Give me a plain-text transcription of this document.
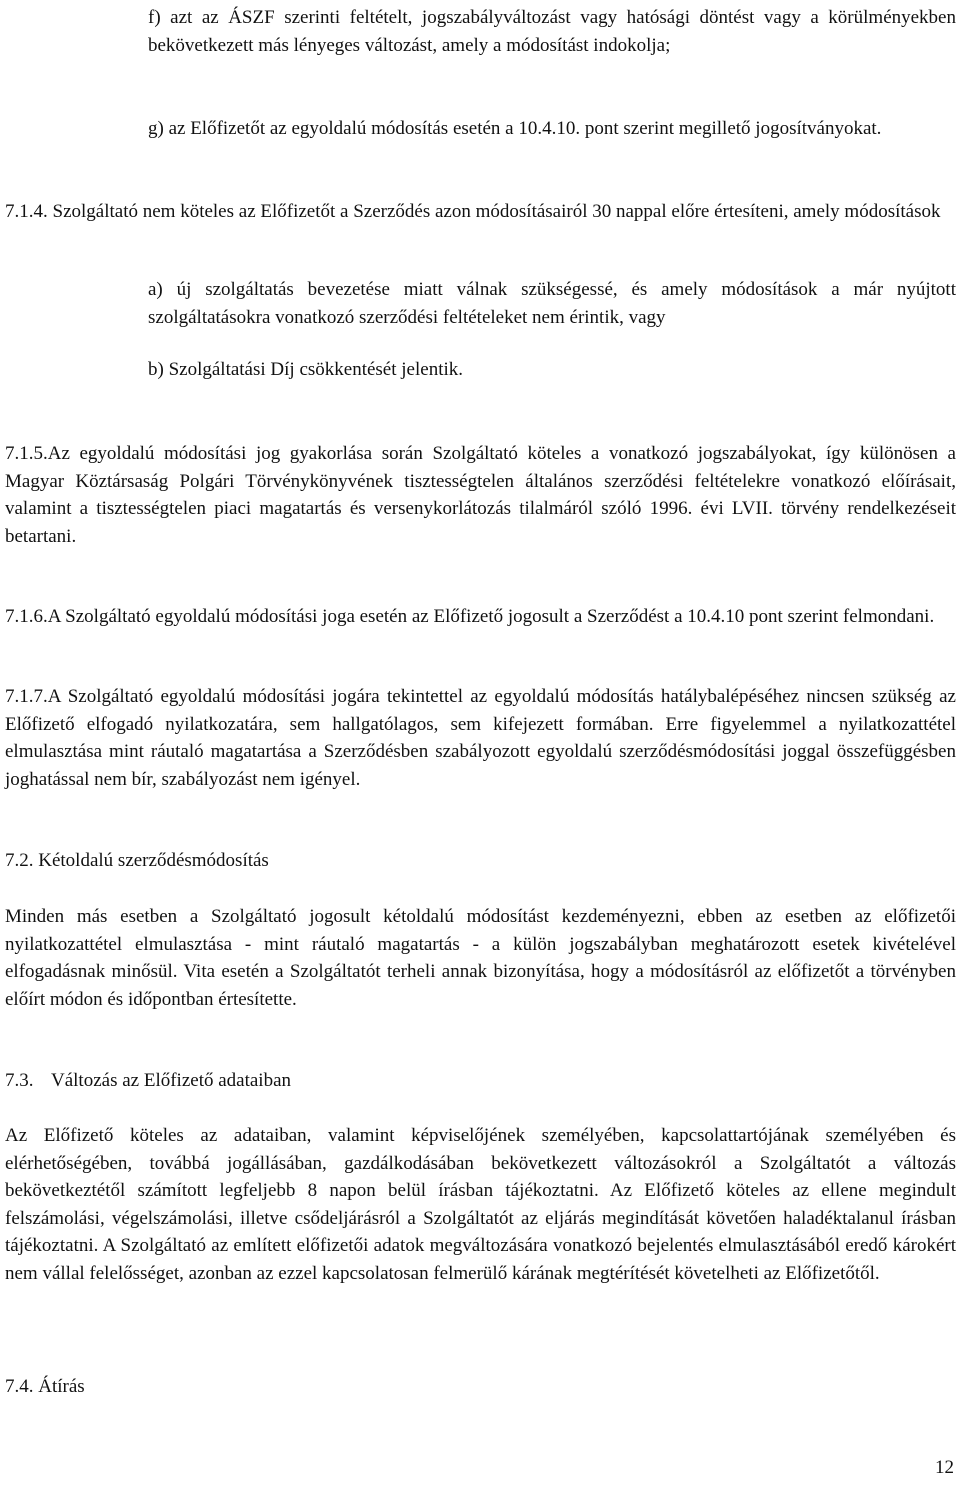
f) azt az ÁSZF szerinti feltételt, jogszabályváltozást vagy hatósági döntést vagy a körülményekben bekövetkezett más lényeges változást, amely a módosítást indokolja;
g) az Előfizetőt az egyoldalú módosítás esetén a 10.4.10. pont szerint megillető jogosítványokat.
7.1.4. Szolgáltató nem köteles az Előfizetőt a Szerződés azon módosításairól 30 nappal előre értesíteni, amely módosítások
a) új szolgáltatás bevezetése miatt válnak szükségessé, és amely módosítások a már nyújtott szolgáltatásokra vonatkozó szerződési feltételeket nem érintik, vagy
b) Szolgáltatási Díj csökkentését jelentik.
7.1.5.Az egyoldalú módosítási jog gyakorlása során Szolgáltató köteles a vonatkozó jogszabályokat, így különösen a Magyar Köztársaság Polgári Törvénykönyvének tisztességtelen általános szerződési feltételekre vonatkozó előírásait, valamint a tisztességtelen piaci magatartás és versenykorlátozás tilalmáról szóló 1996. évi LVII. törvény rendelkezéseit betartani.
7.1.6.A Szolgáltató egyoldalú módosítási joga esetén az Előfizető jogosult a Szerződést a 10.4.10 pont szerint felmondani.
7.1.7.A Szolgáltató egyoldalú módosítási jogára tekintettel az egyoldalú módosítás hatálybalépéséhez nincsen szükség az Előfizető elfogadó nyilatkozatára, sem hallgatólagos, sem kifejezett formában. Erre figyelemmel a nyilatkozattétel elmulasztása mint ráutaló magatartása a Szerződésben szabályozott egyoldalú szerződésmódosítási joggal összefüggésben joghatással nem bír, szabályozást nem igényel.
7.2. Kétoldalú szerződésmódosítás
Minden más esetben a Szolgáltató jogosult kétoldalú módosítást kezdeményezni, ebben az esetben az előfizetői nyilatkozattétel elmulasztása - mint ráutaló magatartás - a külön jogszabályban meghatározott esetek kivételével elfogadásnak minősül. Vita esetén a Szolgáltatót terheli annak bizonyítása, hogy a módosításról az előfizetőt a törvényben előírt módon és időpontban értesítette.
7.3. Változás az Előfizető adataiban
Az Előfizető köteles az adataiban, valamint képviselőjének személyében, kapcsolattartójának személyében és elérhetőségében, továbbá jogállásában, gazdálkodásában bekövetkezett változásokról a Szolgáltatót a változás bekövetkeztétől számított legfeljebb 8 napon belül írásban tájékoztatni. Az Előfizető köteles az ellene megindult felszámolási, végelszámolási, illetve csődeljárásról a Szolgáltatót az eljárás megindítását követően haladéktalanul írásban tájékoztatni. A Szolgáltató az említett előfizetői adatok megváltozására vonatkozó bejelentés elmulasztásából eredő károkért nem vállal felelősséget, azonban az ezzel kapcsolatosan felmerülő kárának megtérítését követelheti az Előfizetőtől.
7.4. Átírás
12
